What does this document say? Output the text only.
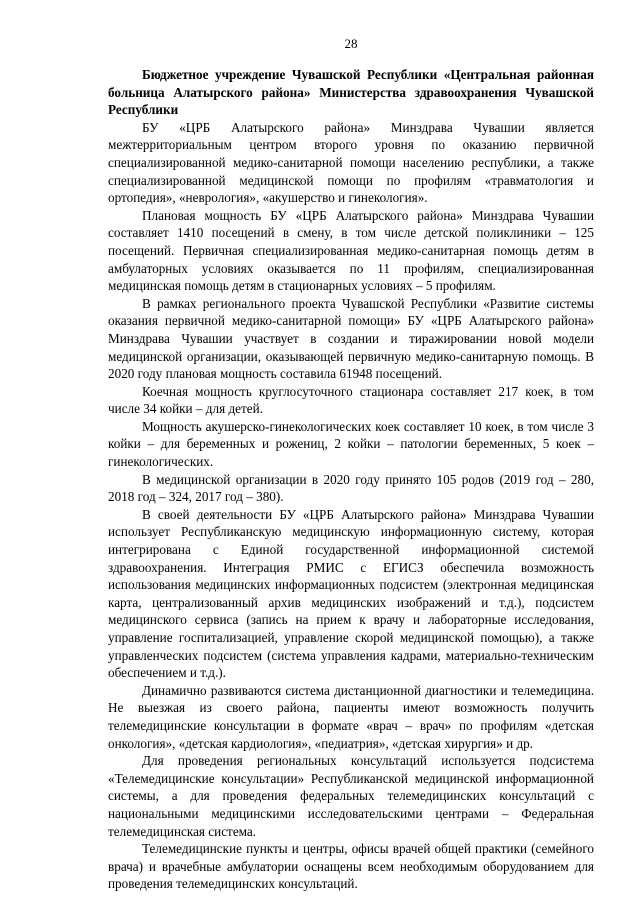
28

Бюджетное учреждение Чувашской Республики «Центральная районная больница Алатырского района» Министерства здравоохранения Чувашской Республики

БУ «ЦРБ Алатырского района» Минздрава Чувашии является межтерриториальным центром второго уровня по оказанию первичной специализированной медико-санитарной помощи населению республики, а также специализированной медицинской помощи по профилям «травматология и ортопедия», «неврология», «акушерство и гинекология».

Плановая мощность БУ «ЦРБ Алатырского района» Минздрава Чувашии составляет 1410 посещений в смену, в том числе детской поликлиники – 125 посещений. Первичная специализированная медико-санитарная помощь детям в амбулаторных условиях оказывается по 11 профилям, специализированная медицинская помощь детям в стационарных условиях – 5 профилям.

В рамках регионального проекта Чувашской Республики «Развитие системы оказания первичной медико-санитарной помощи» БУ «ЦРБ Алатырского района» Минздрава Чувашии участвует в создании и тиражировании новой модели медицинской организации, оказывающей первичную медико-санитарную помощь. В 2020 году плановая мощность составила 61948 посещений.

Коечная мощность круглосуточного стационара составляет 217 коек, в том числе 34 койки – для детей.

Мощность акушерско-гинекологических коек составляет 10 коек, в том числе 3 койки – для беременных и рожениц, 2 койки – патологии беременных, 5 коек – гинекологических.

В медицинской организации в 2020 году принято 105 родов (2019 год – 280, 2018 год – 324, 2017 год – 380).

В своей деятельности БУ «ЦРБ Алатырского района» Минздрава Чувашии использует Республиканскую медицинскую информационную систему, которая интегрирована с Единой государственной информационной системой здравоохранения. Интеграция РМИС с ЕГИСЗ обеспечила возможность использования медицинских информационных подсистем (электронная медицинская карта, централизованный архив медицинских изображений и т.д.), подсистем медицинского сервиса (запись на прием к врачу и лабораторные исследования, управление госпитализацией, управление скорой медицинской помощью), а также управленческих подсистем (система управления кадрами, материально-техническим обеспечением и т.д.).

Динамично развиваются система дистанционной диагностики и телемедицина. Не выезжая из своего района, пациенты имеют возможность получить телемедицинские консультации в формате «врач – врач» по профилям «детская онкология», «детская кардиология», «педиатрия», «детская хирургия» и др.

Для проведения региональных консультаций используется подсистема «Телемедицинские консультации» Республиканской медицинской информационной системы, а для проведения федеральных телемедицинских консультаций с национальными медицинскими исследовательскими центрами – Федеральная телемедицинская система.

Телемедицинские пункты и центры, офисы врачей общей практики (семейного врача) и врачебные амбулатории оснащены всем необходимым оборудованием для проведения телемедицинских консультаций.
